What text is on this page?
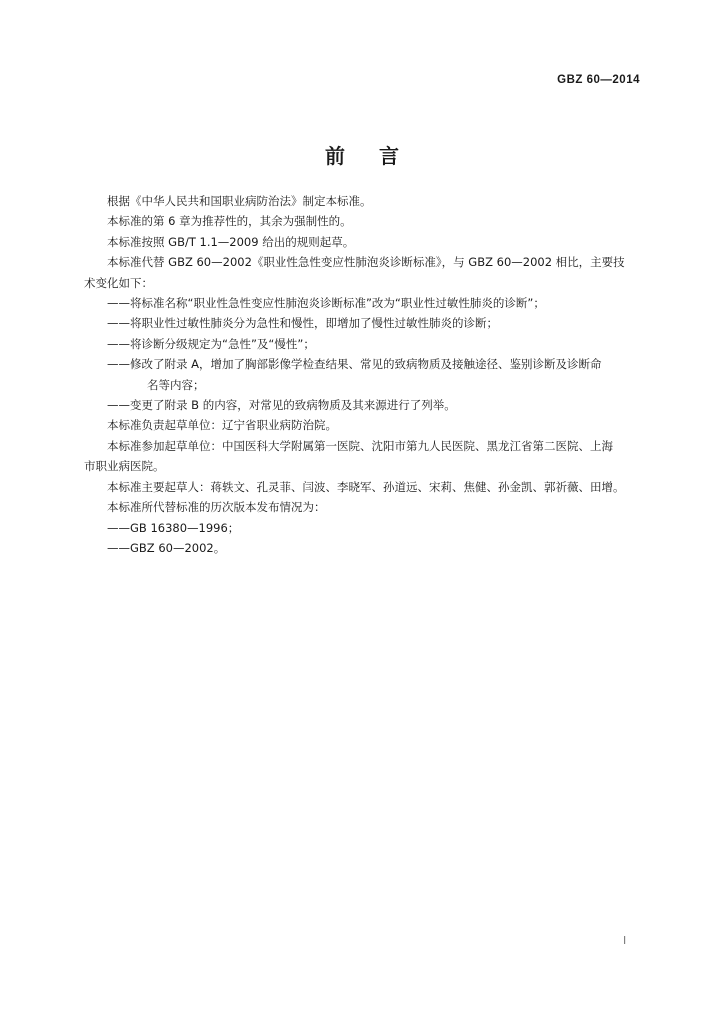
GBZ 60—2014
前言

根据《中华人民共和国职业病防治法》制定本标准。

本标准的第 6 章为推荐性的，其余为强制性的。

本标准按照 GB/T 1.1—2009 给出的规则起草。

本标准代替 GBZ 60—2002《职业性急性变应性肺泡炎诊断标准》，与 GBZ 60—2002 相比，主要技

术变化如下：

——将标准名称“职业性急性变应性肺泡炎诊断标准”改为“职业性过敏性肺炎的诊断”；

——将职业性过敏性肺炎分为急性和慢性，即增加了慢性过敏性肺炎的诊断；

——将诊断分级规定为“急性”及“慢性”；

——修改了附录 A，增加了胸部影像学检查结果、常见的致病物质及接触途径、鉴别诊断及诊断命

名等内容；

——变更了附录 B 的内容，对常见的致病物质及其来源进行了列举。

本标准负责起草单位：辽宁省职业病防治院。

本标准参加起草单位：中国医科大学附属第一医院、沈阳市第九人民医院、黑龙江省第二医院、上海

市职业病医院。

本标准主要起草人：蒋轶文、孔灵菲、闫波、李晓军、孙道远、宋莉、焦健、孙金凯、郭祈薇、田增。

本标准所代替标准的历次版本发布情况为：

——GB 16380—1996；

——GBZ 60—2002。

I
